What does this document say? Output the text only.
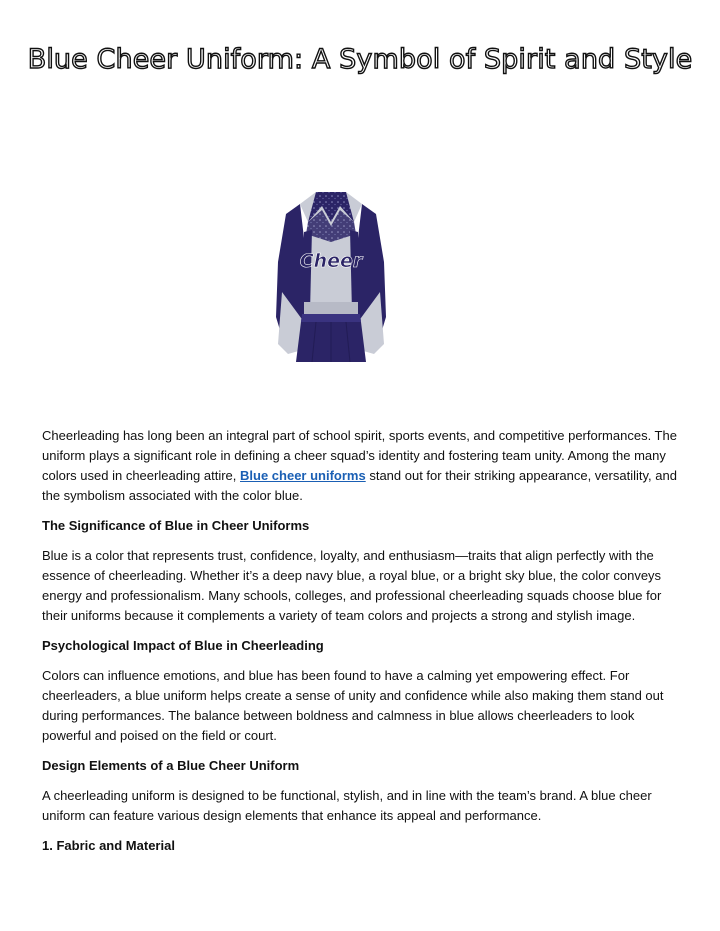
Blue Cheer Uniform: A Symbol of Spirit and Style
Cheer

Cheerleading has long been an integral part of school spirit, sports events, and competitive performances. The uniform plays a significant role in defining a cheer squad’s identity and fostering team unity. Among the many colors used in cheerleading attire, Blue cheer uniforms stand out for their striking appearance, versatility, and the symbolism associated with the color blue.

The Significance of Blue in Cheer Uniforms

Blue is a color that represents trust, confidence, loyalty, and enthusiasm—traits that align perfectly with the essence of cheerleading. Whether it’s a deep navy blue, a royal blue, or a bright sky blue, the color conveys energy and professionalism. Many schools, colleges, and professional cheerleading squads choose blue for their uniforms because it complements a variety of team colors and projects a strong and stylish image.

Psychological Impact of Blue in Cheerleading

Colors can influence emotions, and blue has been found to have a calming yet empowering effect. For cheerleaders, a blue uniform helps create a sense of unity and confidence while also making them stand out during performances. The balance between boldness and calmness in blue allows cheerleaders to look powerful and poised on the field or court.

Design Elements of a Blue Cheer Uniform

A cheerleading uniform is designed to be functional, stylish, and in line with the team’s brand. A blue cheer uniform can feature various design elements that enhance its appeal and performance.

1. Fabric and Material
